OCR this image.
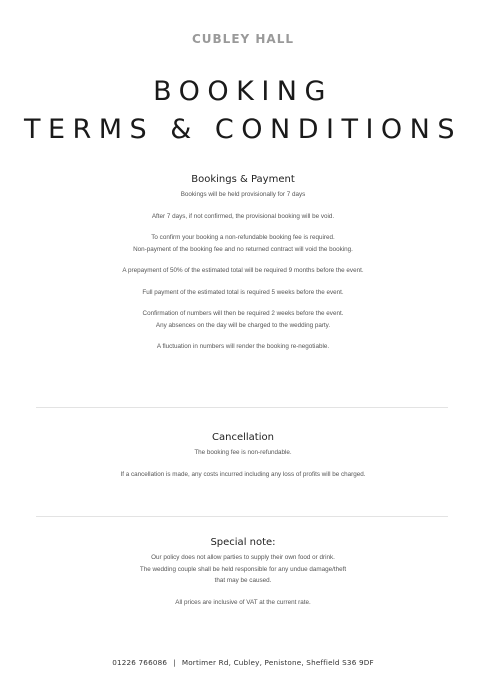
CUBLEY HALL
BOOKING
TERMS & CONDITIONS
Bookings & Payment

Bookings will be held provisionally for 7 days

After 7 days, if not confirmed, the provisional booking will be void.

To confirm your booking a non-refundable booking fee is required.
Non-payment of the booking fee and no returned contract will void the booking.

A prepayment of 50% of the estimated total will be required 9 months before the event.

Full payment of the estimated total is required 5 weeks before the event.

Confirmation of numbers will then be required 2 weeks before the event.
Any absences on the day will be charged to the wedding party.

A fluctuation in numbers will render the booking re-negotiable.

Cancellation

The booking fee is non-refundable.

If a cancellation is made, any costs incurred including any loss of profits will be charged.

Special note:

Our policy does not allow parties to supply their own food or drink.
The wedding couple shall be held responsible for any undue damage/theft
that may be caused.

All prices are inclusive of VAT at the current rate.

01226 766086 | Mortimer Rd, Cubley, Penistone, Sheffield S36 9DF
